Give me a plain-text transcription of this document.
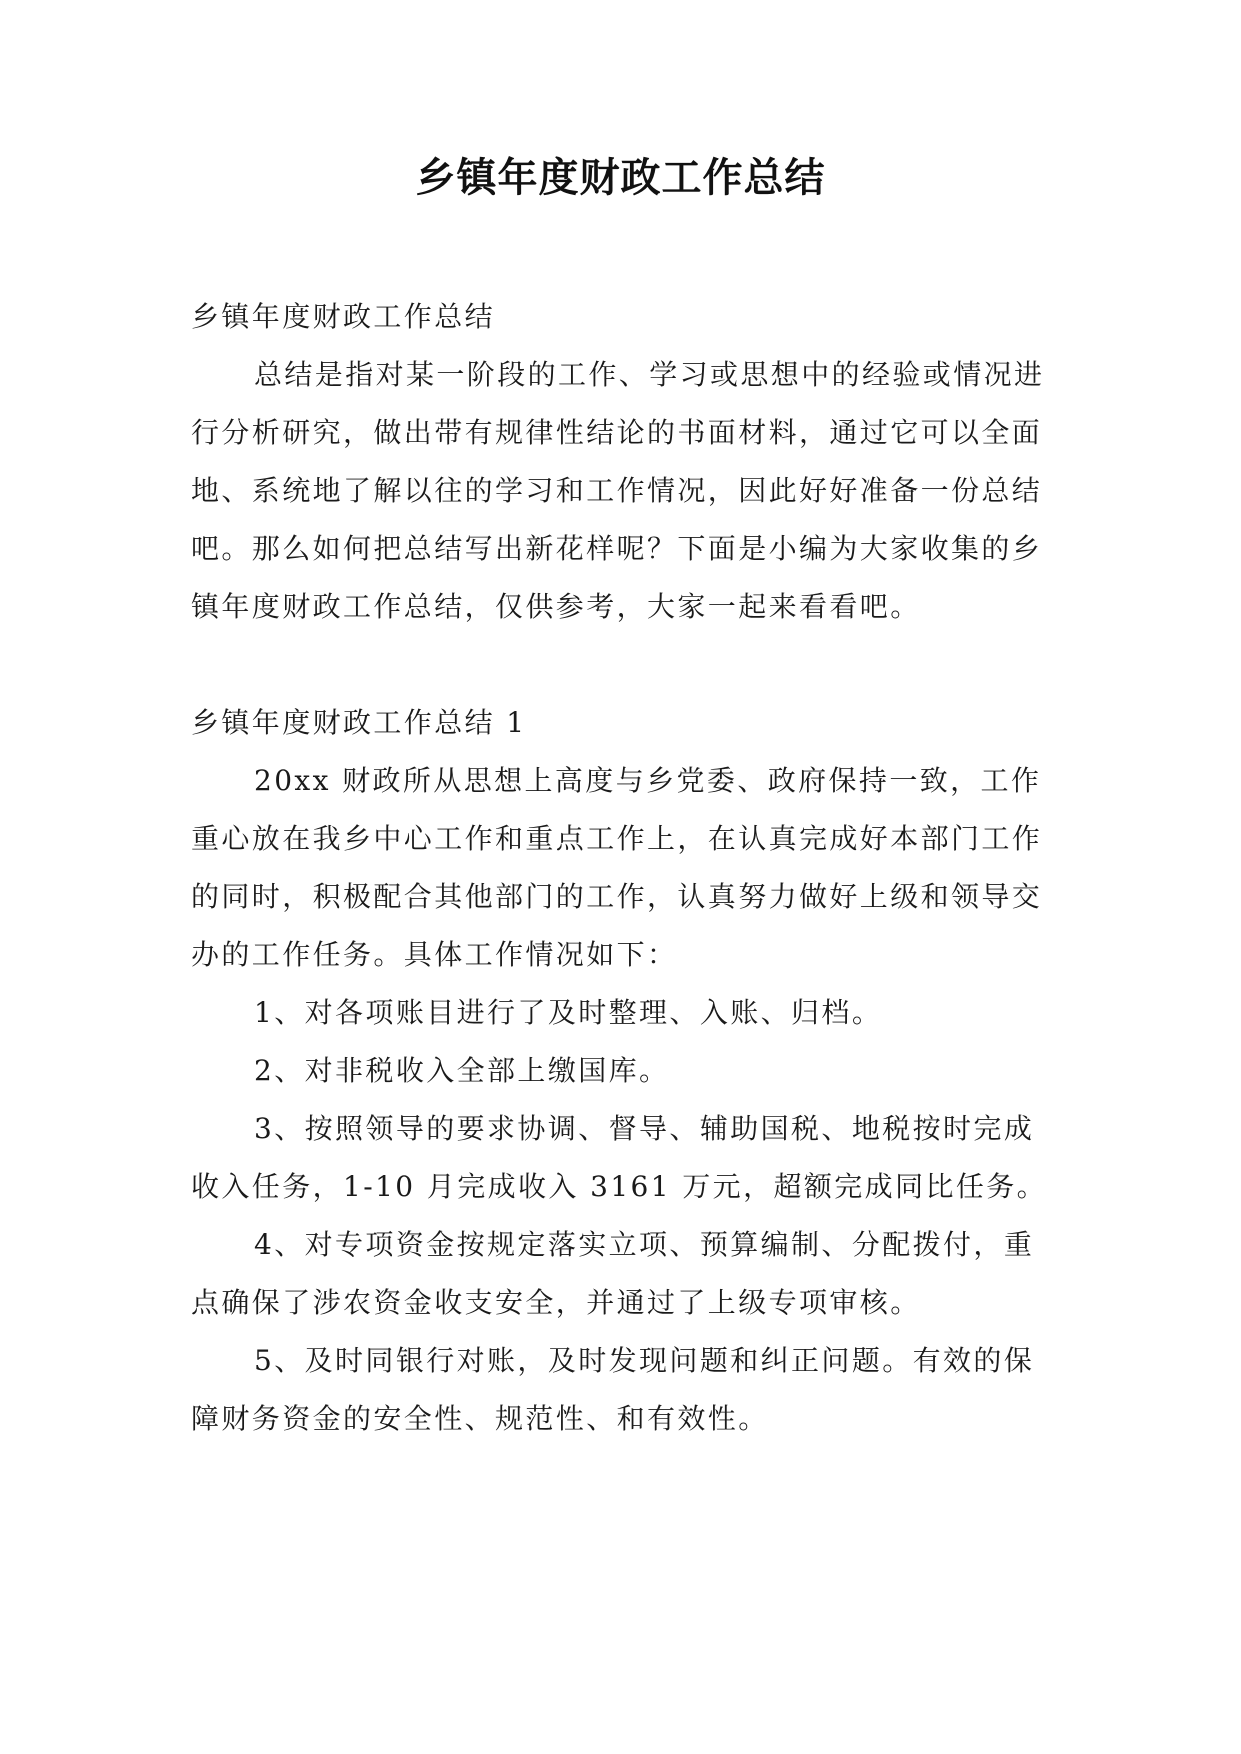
乡镇年度财政工作总结

乡镇年度财政工作总结

总结是指对某一阶段的工作、学习或思想中的经验或情况进行分析研究，做出带有规律性结论的书面材料，通过它可以全面地、系统地了解以往的学习和工作情况，因此好好准备一份总结吧。那么如何把总结写出新花样呢？下面是小编为大家收集的乡镇年度财政工作总结，仅供参考，大家一起来看看吧。

乡镇年度财政工作总结 1

20xx 财政所从思想上高度与乡党委、政府保持一致，工作重心放在我乡中心工作和重点工作上，在认真完成好本部门工作的同时，积极配合其他部门的工作，认真努力做好上级和领导交办的工作任务。具体工作情况如下：

1、对各项账目进行了及时整理、入账、归档。

2、对非税收入全部上缴国库。

3、按照领导的要求协调、督导、辅助国税、地税按时完成收入任务，1-10 月完成收入 3161 万元，超额完成同比任务。

4、对专项资金按规定落实立项、预算编制、分配拨付，重点确保了涉农资金收支安全，并通过了上级专项审核。

5、及时同银行对账，及时发现问题和纠正问题。有效的保障财务资金的安全性、规范性、和有效性。
